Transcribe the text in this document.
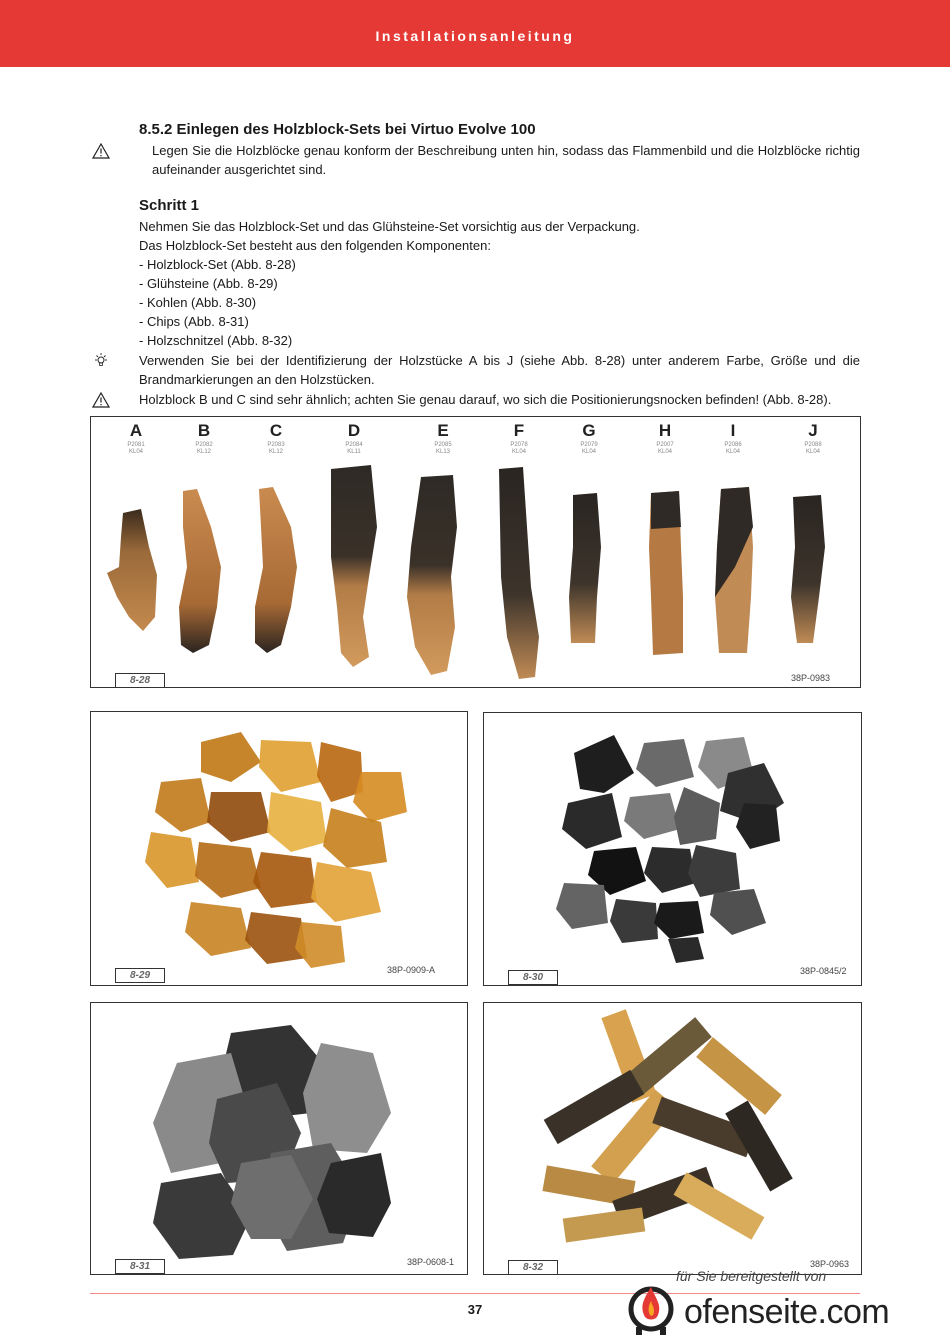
Installationsanleitung
8.5.2 Einlegen des Holzblock-Sets bei Virtuo Evolve 100
Legen Sie die Holzblöcke genau konform der Beschreibung unten hin, sodass das Flammenbild und die Holzblöcke richtig aufeinander ausgerichtet sind.
Schritt 1
Nehmen Sie das Holzblock-Set und das Glühsteine-Set vorsichtig aus der Verpackung.
Das Holzblock-Set besteht aus den folgenden Komponenten:
- Holzblock-Set (Abb. 8-28)
- Glühsteine (Abb. 8-29)
- Kohlen (Abb. 8-30)
- Chips (Abb. 8-31)
- Holzschnitzel (Abb. 8-32)
Verwenden Sie bei der Identifizierung der Holzstücke A bis J (siehe Abb. 8-28) unter anderem Farbe, Größe und die Brandmarkierungen an den Holzstücken.
Holzblock B und C sind sehr ähnlich; achten Sie genau darauf, wo sich die Positionierungsnocken befinden! (Abb. 8-28).
A
P2081
KL04
B
P2082
KL12
C
P2083
KL12
D
P2084
KL11
E
P2085
KL13
F
P2078
KL04
G
P2079
KL04
H
P2007
KL04
I
P2086
KL04
J
P2088
KL04
8-28	38P-0983
8-29	38P-0909-A
8-30
38P-0845/2
8-31	38P-0608-1	8-32	38P-0963
37
für Sie bereitgestellt von
ofenseite.com
